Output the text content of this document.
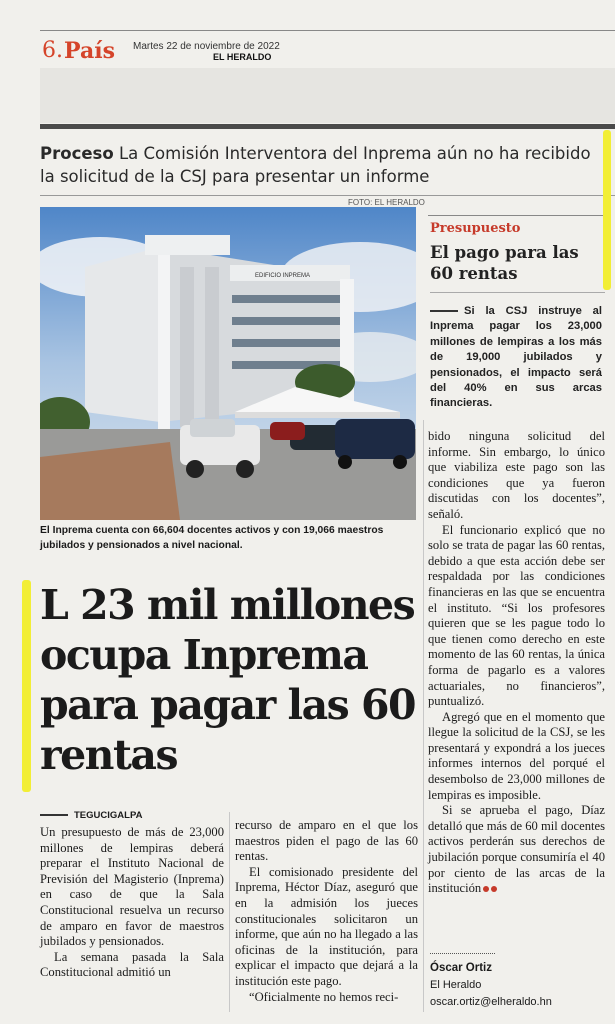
6. País Martes 22 de noviembre de 2022
EL HERALDO
Proceso La Comisión Interventora del Inprema aún no ha recibido la solicitud de la CSJ para presentar un informe
FOTO: EL HERALDO
EDIFICIO INPREMA
El Inprema cuenta con 66,604 docentes activos y con 19,066 maestros jubilados y pensionados a nivel nacional.
Presupuesto
El pago para las 60 rentas
Si la CSJ instruye al Inprema pagar los 23,000 millones de lempiras a los más de 19,000 jubilados y pensionados, el impacto será del 40% en sus arcas financieras.
L 23 mil millones ocupa Inprema para pagar las 60 rentas
TEGUCIGALPA

Un presupuesto de más de 23,000 millones de lempiras deberá preparar el Instituto Nacional de Previsión del Magisterio (Inprema) en caso de que la Sala Constitucional resuelva un recurso de amparo en favor de maestros jubilados y pensionados.

La semana pasada la Sala Constitucional admitió un

recurso de amparo en el que los maestros piden el pago de las 60 rentas.

El comisionado presidente del Inprema, Héctor Díaz, aseguró que en la admisión los jueces constitucionales solicitaron un informe, que aún no ha llegado a las oficinas de la institución, para explicar el impacto que dejará a la institución este pago.

“Oficialmente no hemos reci-

bido ninguna solicitud del informe. Sin embargo, lo único que viabiliza este pago son las condiciones que ya fueron discutidas con los docentes”, señaló.

El funcionario explicó que no solo se trata de pagar las 60 rentas, debido a que esta acción debe ser respaldada por las condiciones financieras en las que se encuentra el instituto. “Si los profesores quieren que se les pague todo lo que tienen como derecho en este momento de las 60 rentas, la única forma de pagarlo es a valores actuariales, no financieros”, puntualizó.

Agregó que en el momento que llegue la solicitud de la CSJ, se les presentará y expondrá a los jueces informes internos del porqué el desembolso de 23,000 millones de lempiras es imposible.

Si se aprueba el pago, Díaz detalló que más de 60 mil docentes activos perderán sus derechos de jubilación porque consumiría el 40 por ciento de las arcas de la institución

Óscar Ortiz
El Heraldo
oscar.ortiz@elheraldo.hn
